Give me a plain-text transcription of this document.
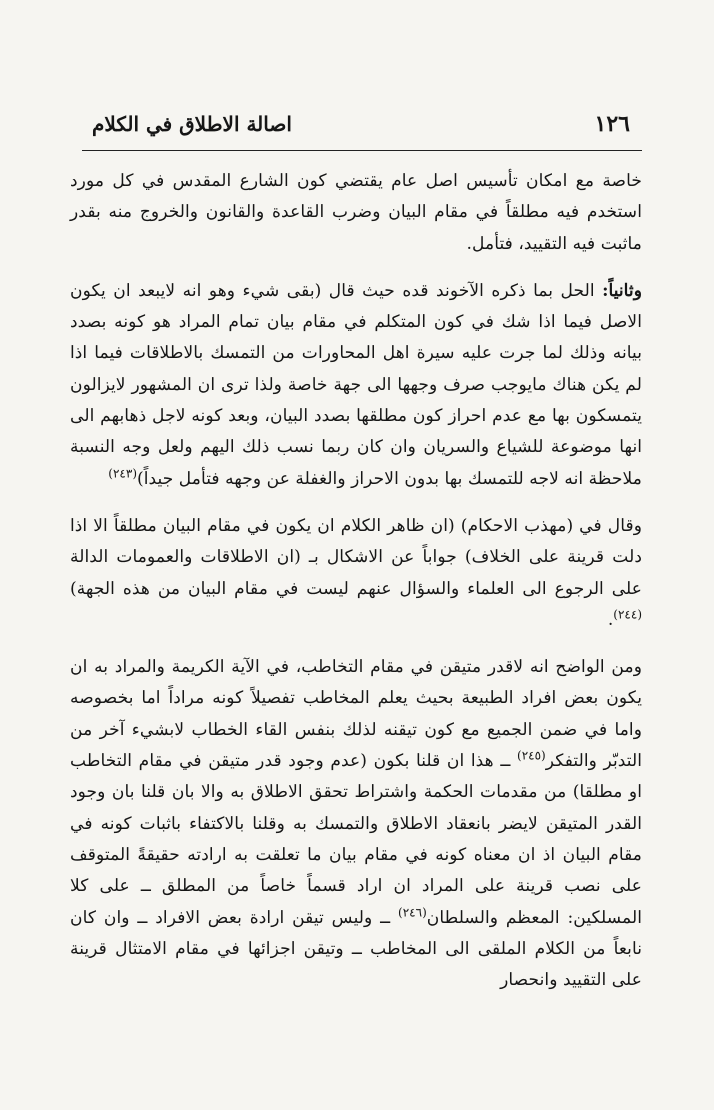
١٢٦
اصالة الاطلاق في الكلام

خاصة مع امكان تأسيس اصل عام يقتضي كون الشارع المقدس في كل مورد استخدم فيه مطلقاً في مقام البيان وضرب القاعدة والقانون والخروج منه بقدر ماثبت فيه التقييد، فتأمل.

وثانياً: الحل بما ذكره الآخوند قده حيث قال (بقى شيء وهو انه لايبعد ان يكون الاصل فيما اذا شك في كون المتكلم في مقام بيان تمام المراد هو كونه بصدد بيانه وذلك لما جرت عليه سيرة اهل المحاورات من التمسك بالاطلاقات فيما اذا لم يكن هناك مايوجب صرف وجهها الى جهة خاصة ولذا ترى ان المشهور لايزالون يتمسكون بها مع عدم احراز كون مطلقها بصدد البيان، وبعد كونه لاجل ذهابهم الى انها موضوعة للشياع والسريان وان كان ربما نسب ذلك اليهم ولعل وجه النسبة ملاحظة انه لاجه للتمسك بها بدون الاحراز والغفلة عن وجهه فتأمل جيداً)$^{(٢٤٣)}$

وقال في (مهذب الاحكام) (ان ظاهر الكلام ان يكون في مقام البيان مطلقاً الا اذا دلت قرينة على الخلاف) جواباً عن الاشكال بـ (ان الاطلاقات والعمومات الدالة على الرجوع الى العلماء والسؤال عنهم ليست في مقام البيان من هذه الجهة)$^{(٢٤٤)}$.

ومن الواضح انه لاقدر متيقن في مقام التخاطب، في الآية الكريمة والمراد به ان يكون بعض افراد الطبيعة بحيث يعلم المخاطب تفصيلاً كونه مراداً اما بخصوصه واما في ضمن الجميع مع كون تيقنه لذلك بنفس القاء الخطاب لابشيء آخر من التدبّر والتفكر$^{(٢٤٥)}$ ــ هذا ان قلنا بكون (عدم وجود قدر متيقن في مقام التخاطب او مطلقا) من مقدمات الحكمة واشتراط تحقق الاطلاق به والا بان قلنا بان وجود القدر المتيقن لايضر بانعقاد الاطلاق والتمسك به وقلنا بالاكتفاء باثبات كونه في مقام البيان اذ ان معناه كونه في مقام بيان ما تعلقت به ارادته حقيقةً المتوقف على نصب قرينة على المراد ان اراد قسماً خاصاً من المطلق ــ على كلا المسلكين: المعظم والسلطان$^{(٢٤٦)}$ ــ وليس تيقن ارادة بعض الافراد ــ وان كان نابعاً من الكلام الملقى الى المخاطب ــ وتيقن اجزائها في مقام الامتثال قرينة على التقييد وانحصار
